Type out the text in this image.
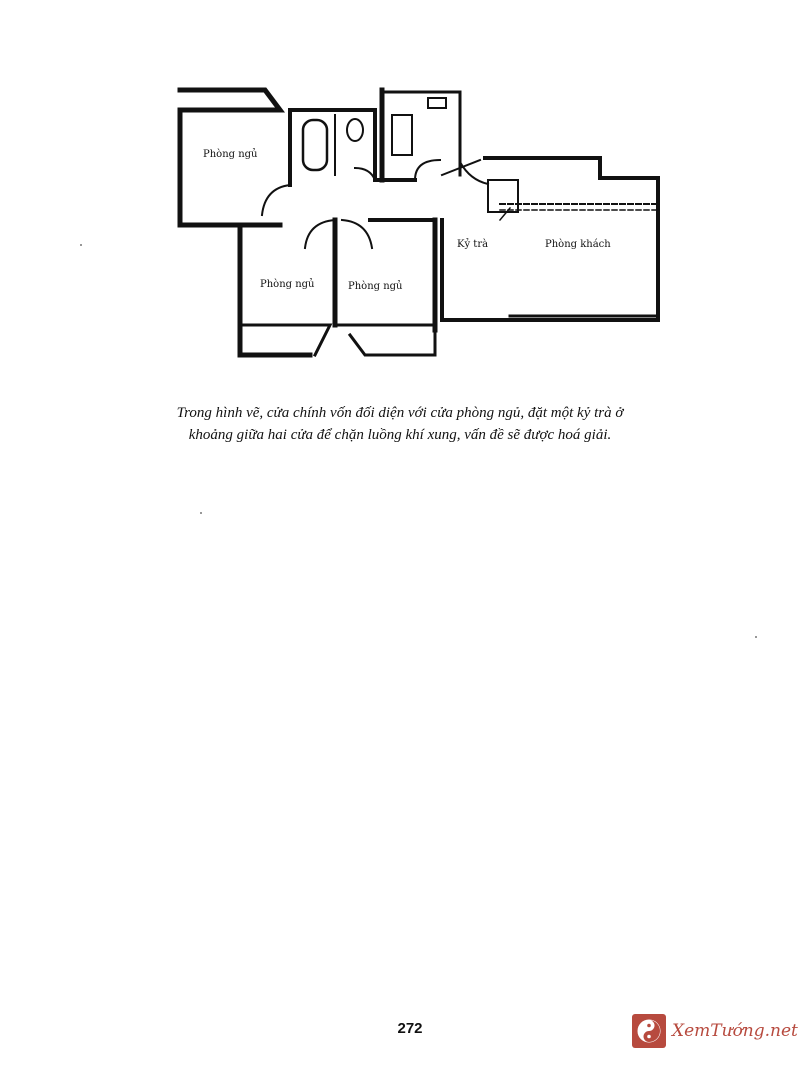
Phòng ngủ
Phòng ngủ	Phòng ngủ
Kỷ trà	Phòng khách
Trong hình vẽ, cửa chính vốn đối diện với cửa phòng ngủ, đặt một kỷ trà ở
khoảng giữa hai cửa để chặn luồng khí xung, vấn đề sẽ được hoá giải.
272	XemTướng.net
